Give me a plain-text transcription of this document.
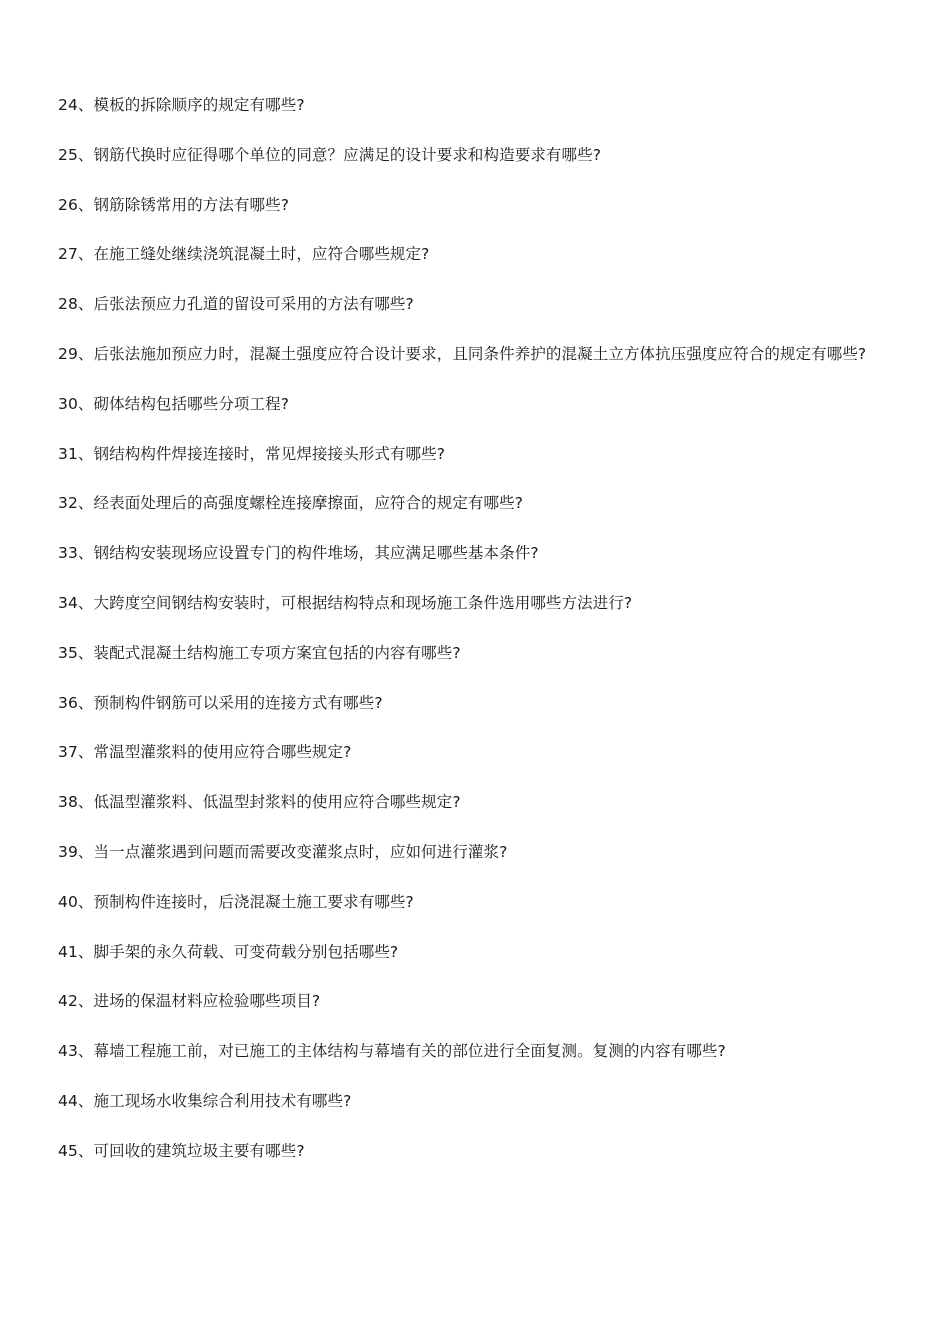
24、模板的拆除顺序的规定有哪些?
25、钢筋代换时应征得哪个单位的同意？应满足的设计要求和构造要求有哪些?
26、钢筋除锈常用的方法有哪些?
27、在施工缝处继续浇筑混凝土时，应符合哪些规定?
28、后张法预应力孔道的留设可采用的方法有哪些?
29、后张法施加预应力时，混凝土强度应符合设计要求，且同条件养护的混凝土立方体抗压强度应符合的规定有哪些?
30、砌体结构包括哪些分项工程?
31、钢结构构件焊接连接时，常见焊接接头形式有哪些?
32、经表面处理后的高强度螺栓连接摩擦面，应符合的规定有哪些?
33、钢结构安装现场应设置专门的构件堆场，其应满足哪些基本条件?
34、大跨度空间钢结构安装时，可根据结构特点和现场施工条件选用哪些方法进行?
35、装配式混凝土结构施工专项方案宜包括的内容有哪些?
36、预制构件钢筋可以采用的连接方式有哪些?
37、常温型灌浆料的使用应符合哪些规定?
38、低温型灌浆料、低温型封浆料的使用应符合哪些规定?
39、当一点灌浆遇到问题而需要改变灌浆点时，应如何进行灌浆?
40、预制构件连接时，后浇混凝土施工要求有哪些?
41、脚手架的永久荷载、可变荷载分别包括哪些?
42、进场的保温材料应检验哪些项目?
43、幕墙工程施工前，对已施工的主体结构与幕墙有关的部位进行全面复测。复测的内容有哪些?
44、施工现场水收集综合利用技术有哪些?
45、可回收的建筑垃圾主要有哪些?
